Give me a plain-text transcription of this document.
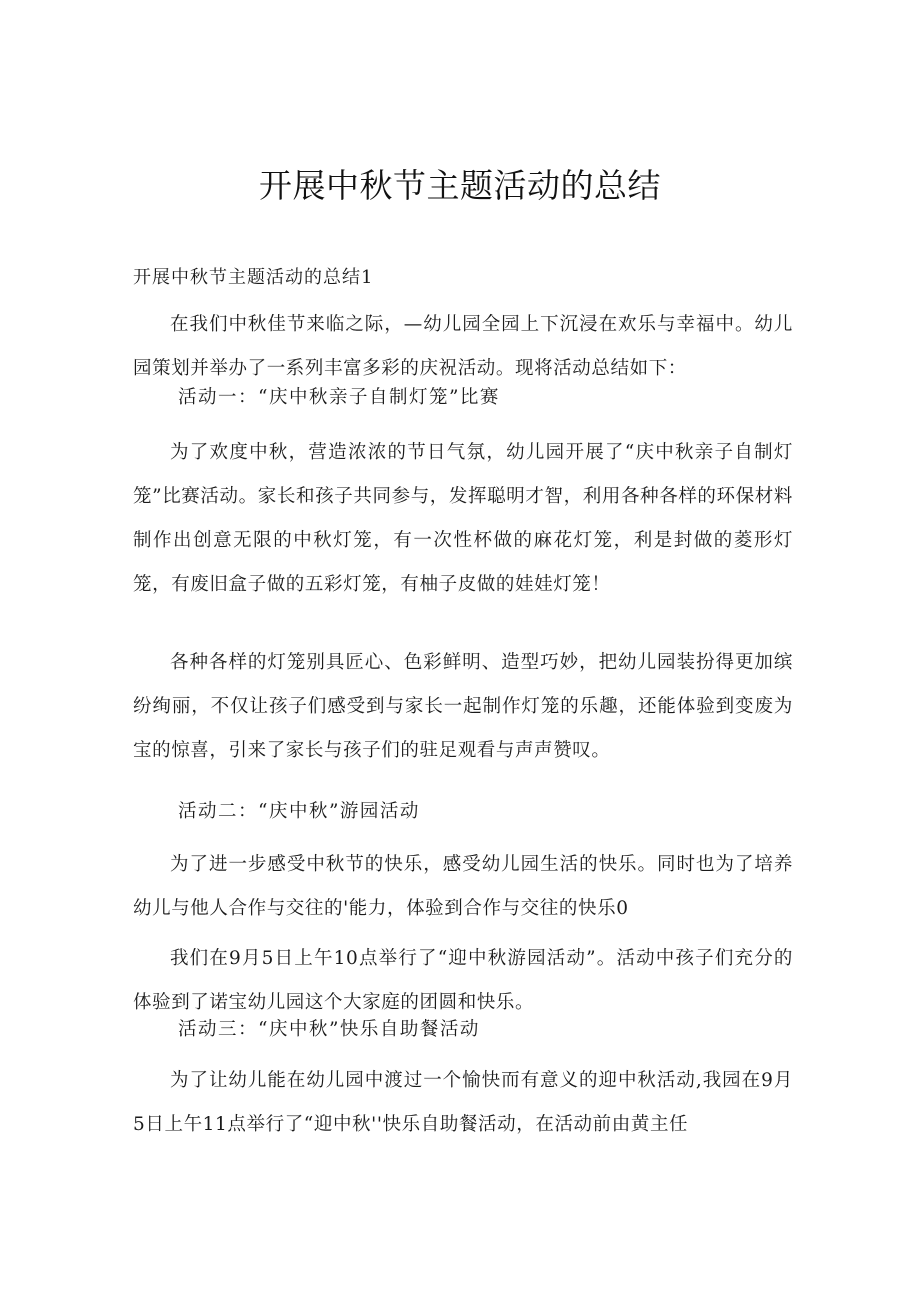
开展中秋节主题活动的总结

开展中秋节主题活动的总结1

在我们中秋佳节来临之际，—幼儿园全园上下沉浸在欢乐与幸福中。幼儿园策划并举办了一系列丰富多彩的庆祝活动。现将活动总结如下：

活动一：“庆中秋亲子自制灯笼”比赛

为了欢度中秋，营造浓浓的节日气氛，幼儿园开展了“庆中秋亲子自制灯笼”比赛活动。家长和孩子共同参与，发挥聪明才智，利用各种各样的环保材料制作出创意无限的中秋灯笼，有一次性杯做的麻花灯笼，利是封做的菱形灯笼，有废旧盒子做的五彩灯笼，有柚子皮做的娃娃灯笼！

各种各样的灯笼别具匠心、色彩鲜明、造型巧妙，把幼儿园装扮得更加缤纷绚丽，不仅让孩子们感受到与家长一起制作灯笼的乐趣，还能体验到变废为宝的惊喜，引来了家长与孩子们的驻足观看与声声赞叹。

活动二：“庆中秋”游园活动

为了进一步感受中秋节的快乐，感受幼儿园生活的快乐。同时也为了培养幼儿与他人合作与交往的'能力，体验到合作与交往的快乐0

我们在9月5日上午10点举行了“迎中秋游园活动”。活动中孩子们充分的体验到了诺宝幼儿园这个大家庭的团圆和快乐。

活动三：“庆中秋”快乐自助餐活动

为了让幼儿能在幼儿园中渡过一个愉快而有意义的迎中秋活动,我园在9月5日上午11点举行了“迎中秋''快乐自助餐活动，在活动前由黄主任
